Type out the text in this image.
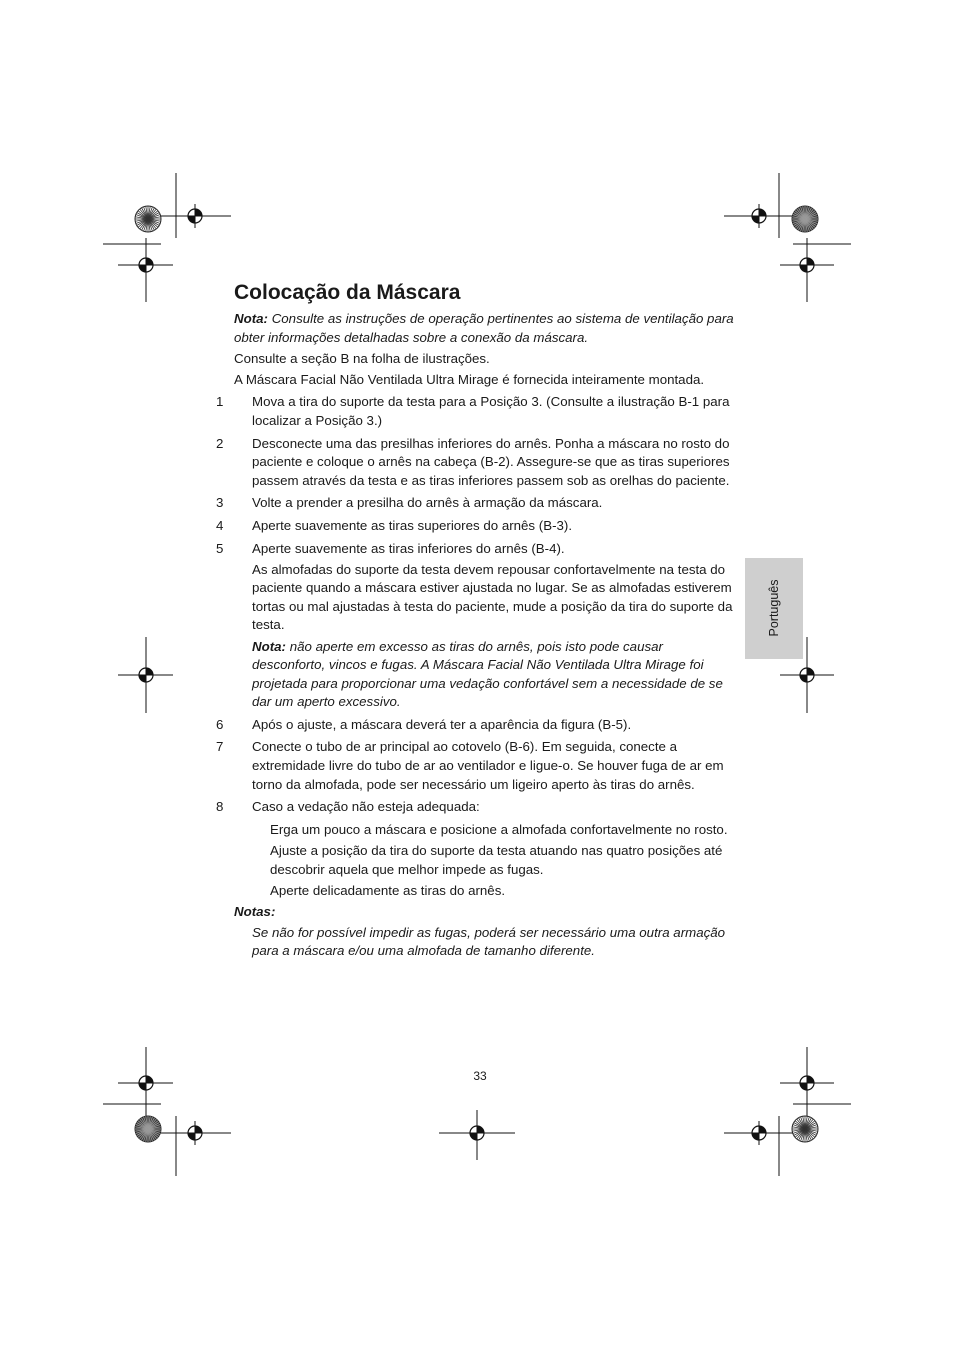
Colocação da Máscara

Nota: Consulte as instruções de operação pertinentes ao sistema de ventilação para obter informações detalhadas sobre a conexão da máscara.

Consulte a seção B na folha de ilustrações.

A Máscara Facial Não Ventilada Ultra Mirage é fornecida inteiramente montada.

1 Mova a tira do suporte da testa para a Posição 3. (Consulte a ilustração B-1 para localizar a Posição 3.)

2 Desconecte uma das presilhas inferiores do arnês. Ponha a máscara no rosto do paciente e coloque o arnês na cabeça (B-2). Assegure-se que as tiras superiores passem através da testa e as tiras inferiores passem sob as orelhas do paciente.

3 Volte a prender a presilha do arnês à armação da máscara.

4 Aperte suavemente as tiras superiores do arnês (B-3).

5 Aperte suavemente as tiras inferiores do arnês (B-4).

As almofadas do suporte da testa devem repousar confortavelmente na testa do paciente quando a máscara estiver ajustada no lugar. Se as almofadas estiverem tortas ou mal ajustadas à testa do paciente, mude a posição da tira do suporte da testa.

Nota: não aperte em excesso as tiras do arnês, pois isto pode causar desconforto, vincos e fugas. A Máscara Facial Não Ventilada Ultra Mirage foi projetada para proporcionar uma vedação confortável sem a necessidade de se dar um aperto excessivo.

6 Após o ajuste, a máscara deverá ter a aparência da figura (B-5).

7 Conecte o tubo de ar principal ao cotovelo (B-6). Em seguida, conecte a extremidade livre do tubo de ar ao ventilador e ligue-o. Se houver fuga de ar em torno da almofada, pode ser necessário um ligeiro aperto às tiras do arnês.

8 Caso a vedação não esteja adequada:

Erga um pouco a máscara e posicione a almofada confortavelmente no rosto.

Ajuste a posição da tira do suporte da testa atuando nas quatro posições até descobrir aquela que melhor impede as fugas.

Aperte delicadamente as tiras do arnês.

Notas:

Se não for possível impedir as fugas, poderá ser necessário uma outra armação para a máscara e/ou uma almofada de tamanho diferente.

Português
33
